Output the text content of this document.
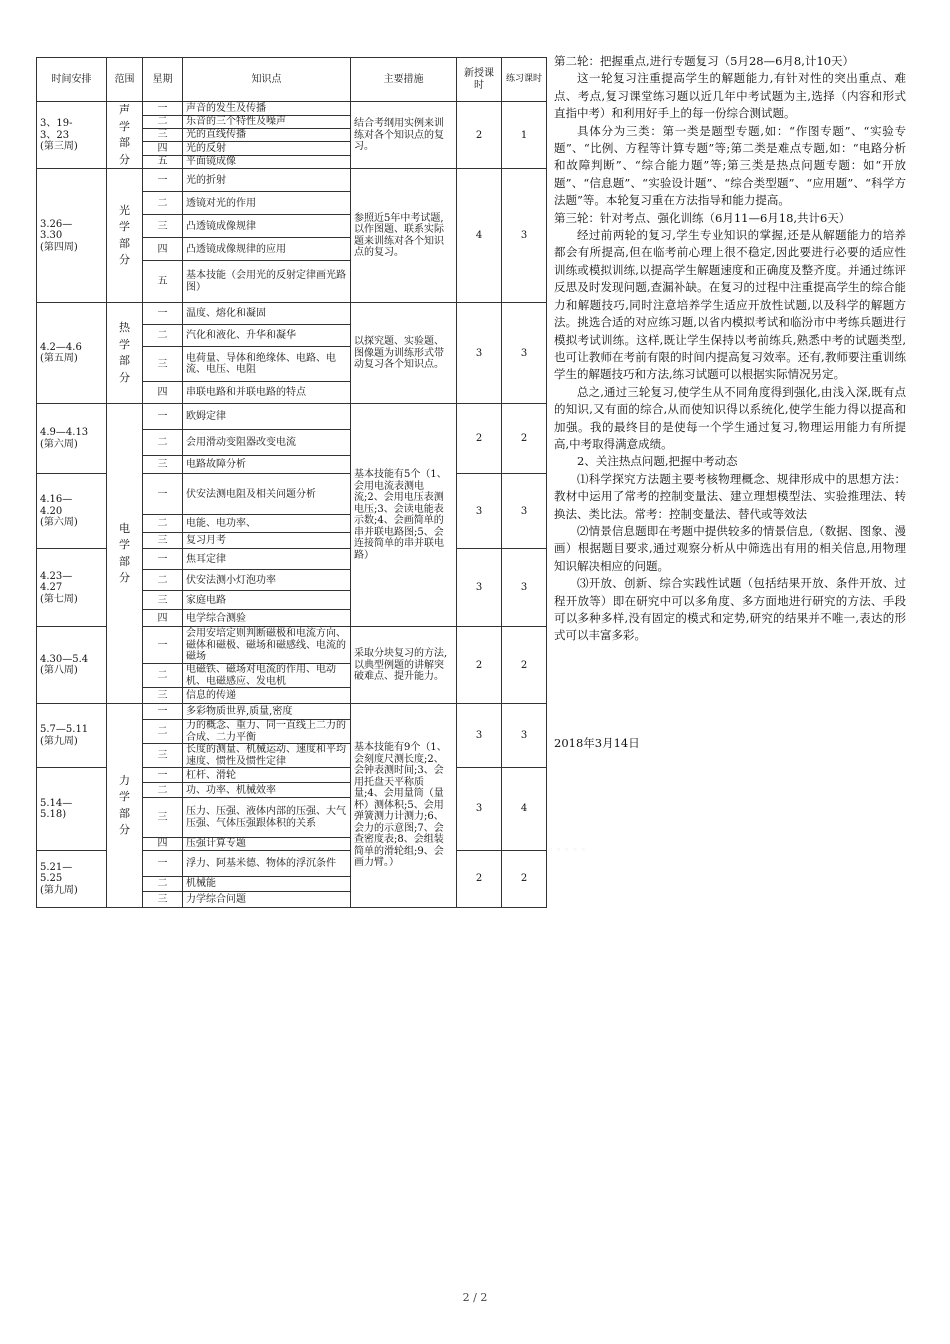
时间安排	范围	星期	知识点	主要措施	新授课时	练习课时
3、19-
3、23
(第三周)	声学部分	一	声音的发生及传播	结合考纲用实例来训练对各个知识点的复习。	2	1
		二	乐音的三个特性及噪声			
		三	光的直线传播			
		四	光的反射			
		五	平面镜成像			
3.26—
3.30
(第四周)	光学部分	一	光的折射	参照近5年中考试题,以作图题、联系实际题来训练对各个知识点的复习。	4	3
		二	透镜对光的作用			
		三	凸透镜成像规律			
		四	凸透镜成像规律的应用			
		五	基本技能（会用光的反射定律画光路图）			
4.2—4.6
(第五周)	热学部分	一	温度、熔化和凝固	以探究题、实验题、图像题为训练形式带动复习各个知识点。	3	3
		二	汽化和液化、升华和凝华			
		三	电荷量、导体和绝缘体、电路、电流、电压、电阻			
		四	串联电路和并联电路的特点			
4.9—4.13
(第六周)	电学部分	一	欧姆定律	基本技能有5个（1、会用电流表测电流;2、会用电压表测电压;3、会读电能表示数;4、会画简单的串并联电路图;5、会连接简单的串并联电路）	2	2
		二	会用滑动变阻器改变电流			
		三	电路故障分析			
4.16—
4.20
(第六周)		一	伏安法测电阻及相关问题分析		3	3
		二	电能、电功率、			
		三	复习月考			
4.23—
4.27
(第七周)		一	焦耳定律		3	3
		二	伏安法测小灯泡功率			
		三	家庭电路			
		四	电学综合测验			
4.30—5.4
(第八周)		一	会用安培定则判断磁极和电流方向、磁体和磁极、磁场和磁感线、电流的磁场	采取分块复习的方法,以典型例题的讲解突破难点、提升能力。	2	2
		二	电磁铁、磁场对电流的作用、电动机、电磁感应、发电机			
		三	信息的传递			
5.7—5.11
(第九周)	力学部分	一	多彩物质世界,质量,密度	基本技能有9个（1、会刻度尺测长度;2、会钟表测时间;3、会用托盘天平称质量;4、会用量筒（量杯）测体积;5、会用弹簧测力计测力;6、会力的示意图;7、会查密度表;8、会组装简单的滑轮组;9、会画力臂。）	3	3
		二	力的概念、重力、同一直线上二力的合成、二力平衡			
		三	长度的测量、机械运动、速度和平均速度、惯性及惯性定律			
5.14—
5.18)		一	杠杆、滑轮		3	4
		二	功、功率、机械效率			
		三	压力、压强、液体内部的压强、大气压强、气体压强跟体积的关系			
		四	压强计算专题			
5.21—
5.25
(第九周)		一	浮力、阿基米德、物体的浮沉条件		2	2
		二	机械能			
		三	力学综合问题			

第二轮：把握重点,进行专题复习（5月28—6月8,计10天）

这一轮复习注重提高学生的解题能力,有针对性的突出重点、难点、考点,复习课堂练习题以近几年中考试题为主,选择（内容和形式直指中考）和利用好手上的每一份综合测试题。

具体分为三类：第一类是题型专题,如：“作图专题”、“实验专题”、“比例、方程等计算专题”等;第二类是难点专题,如：“电路分析和故障判断”、“综合能力题”等;第三类是热点问题专题：如“开放题”、“信息题”、“实验设计题”、“综合类型题”、“应用题”、“科学方法题”等。本轮复习重在方法指导和能力提高。

第三轮：针对考点、强化训练（6月11—6月18,共计6天）

经过前两轮的复习,学生专业知识的掌握,还是从解题能力的培养都会有所提高,但在临考前心理上很不稳定,因此要进行必要的适应性训练或模拟训练,以提高学生解题速度和正确度及整齐度。并通过练评反思及时发现问题,查漏补缺。在复习的过程中注重提高学生的综合能力和解题技巧,同时注意培养学生适应开放性试题,以及科学的解题方法。挑选合适的对应练习题,以省内模拟考试和临汾市中考练兵题进行模拟考试训练。这样,既让学生保持以考前练兵,熟悉中考的试题类型,也可让教师在考前有限的时间内提高复习效率。还有,教师要注重训练学生的解题技巧和方法,练习试题可以根据实际情况另定。

总之,通过三轮复习,使学生从不同角度得到强化,由浅入深,既有点的知识,又有面的综合,从而使知识得以系统化,使学生能力得以提高和加强。我的最终目的是使每一个学生通过复习,物理运用能力有所提高,中考取得满意成绩。

2、关注热点问题,把握中考动态

⑴科学探究方法题主要考核物理概念、规律形成中的思想方法：教材中运用了常考的控制变量法、建立理想模型法、实验推理法、转换法、类比法。常考：控制变量法、替代或等效法

⑵情景信息题即在考题中提供较多的情景信息,（数据、图象、漫画）根据题目要求,通过观察分析从中筛选出有用的相关信息,用物理知识解决相应的问题。

⑶开放、创新、综合实践性试题（包括结果开放、条件开放、过程开放等）即在研究中可以多角度、多方面地进行研究的方法、手段可以多种多样,没有固定的模式和定势,研究的结果并不唯一,表达的形式可以丰富多彩。

2018年3月14日

◦ ◦ ◦ ◦ ◦
2 / 2
